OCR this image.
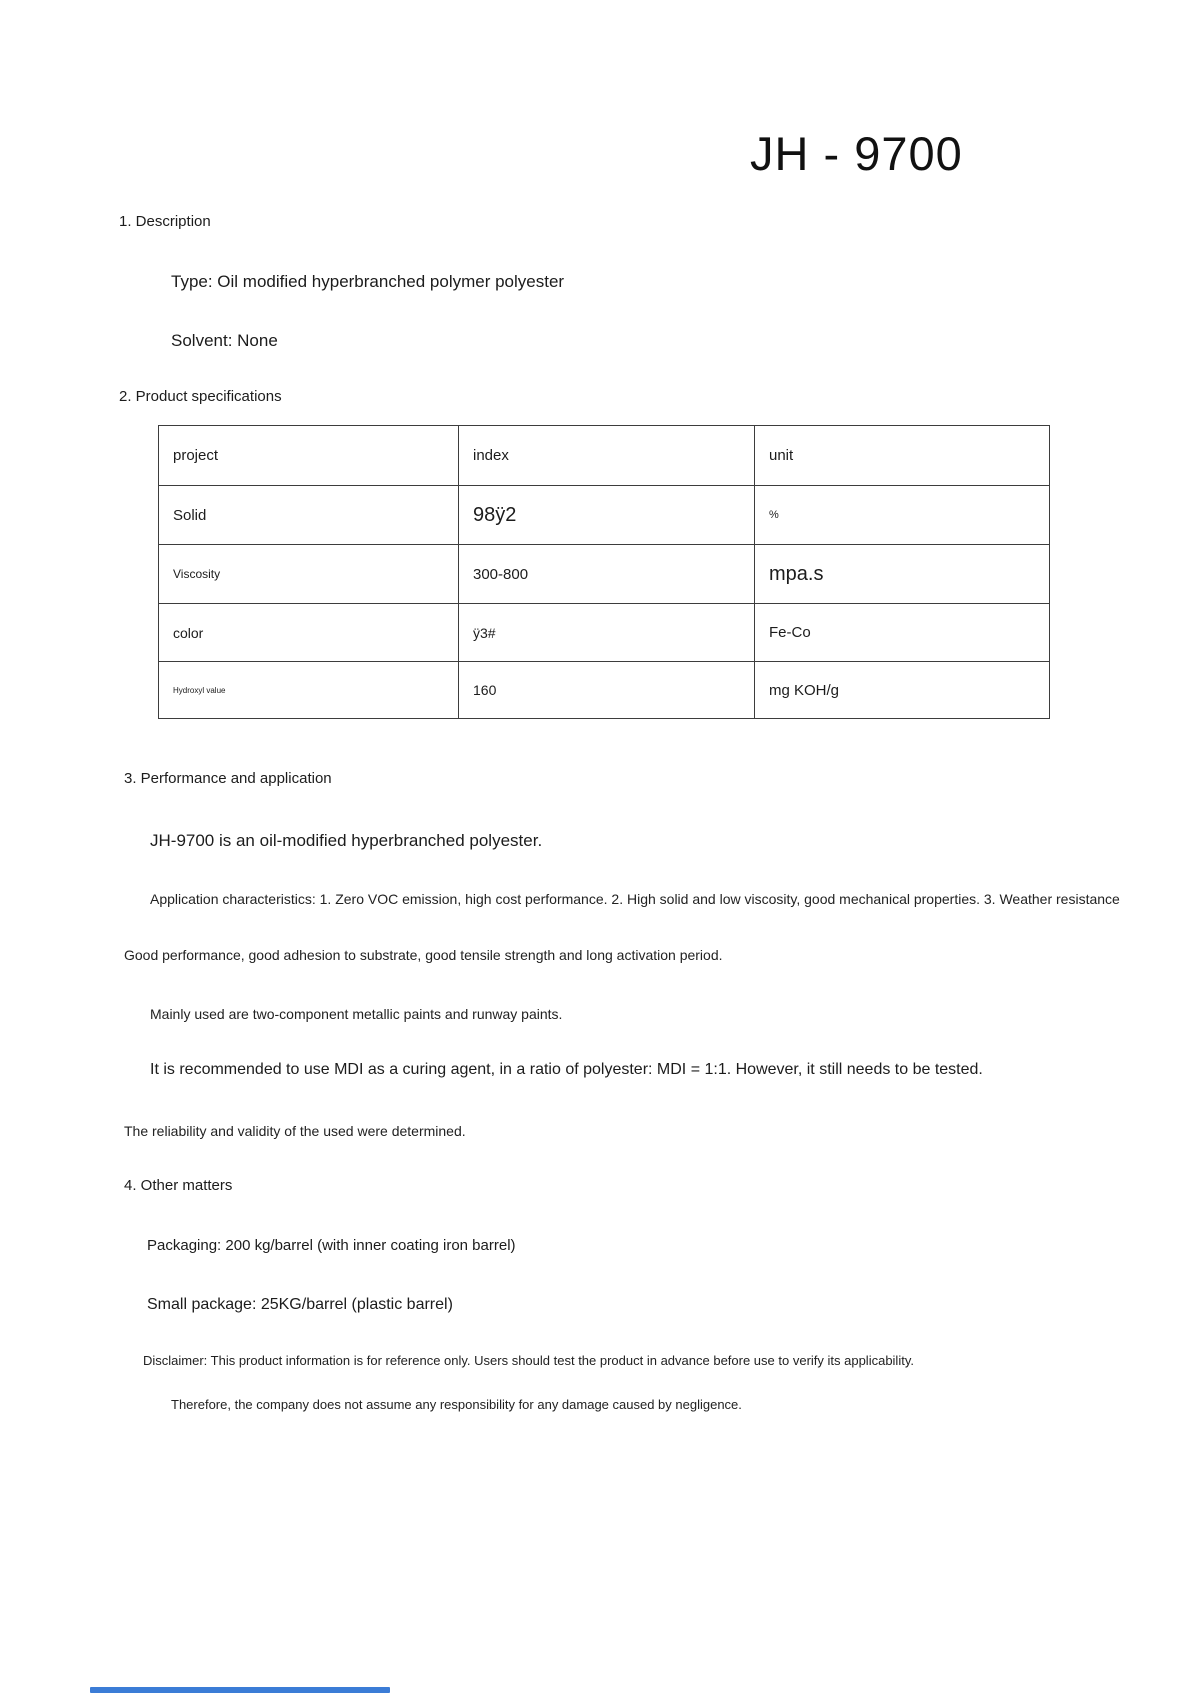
JH - 9700
1. Description
Type: Oil modified hyperbranched polymer polyester
Solvent: None
2. Product specifications
project	index	unit
Solid	98ÿ2	%
Viscosity	300-800	mpa.s
color	ÿ3#	Fe-Co
Hydroxyl value	160	mg KOH/g
3. Performance and application
JH-9700 is an oil-modified hyperbranched polyester.
Application characteristics: 1. Zero VOC emission, high cost performance. 2. High solid and low viscosity, good mechanical properties. 3. Weather resistance
Good performance, good adhesion to substrate, good tensile strength and long activation period.
Mainly used are two-component metallic paints and runway paints.
It is recommended to use MDI as a curing agent, in a ratio of polyester: MDI = 1:1. However, it still needs to be tested.
The reliability and validity of the used were determined.
4. Other matters
Packaging: 200 kg/barrel (with inner coating iron barrel)
Small package: 25KG/barrel (plastic barrel)
Disclaimer: This product information is for reference only. Users should test the product in advance before use to verify its applicability.
Therefore, the company does not assume any responsibility for any damage caused by negligence.
